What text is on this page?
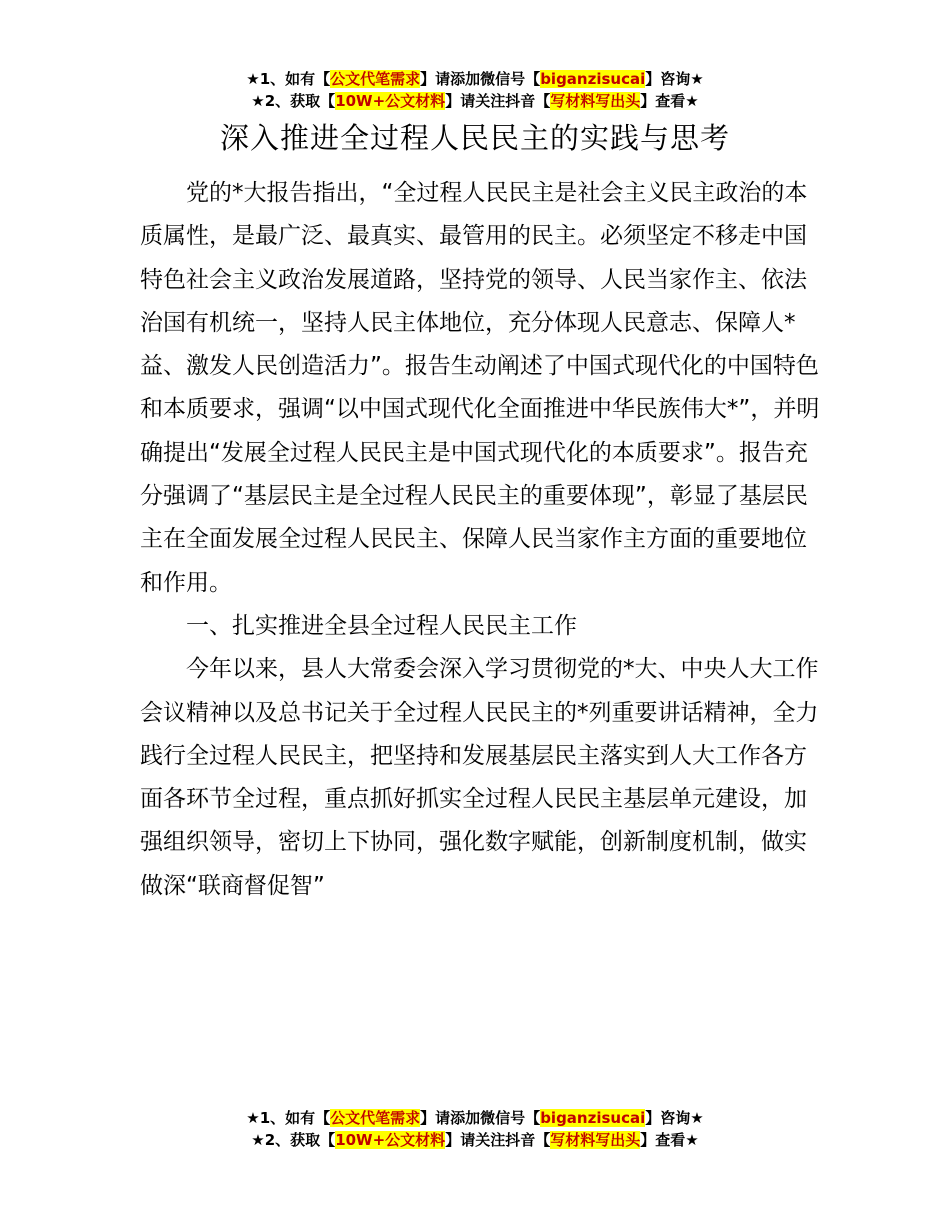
★1、如有【公文代笔需求】请添加微信号【biganzisucai】咨询★
★2、获取【10W+公文材料】请关注抖音【写材料写出头】查看★
深入推进全过程人民民主的实践与思考

党的*大报告指出，“全过程人民民主是社会主义民主政治的本质属性，是最广泛、最真实、最管用的民主。必须坚定不移走中国特色社会主义政治发展道路，坚持党的领导、人民当家作主、依法治国有机统一，坚持人民主体地位，充分体现人民意志、保障人*益、激发人民创造活力”。报告生动阐述了中国式现代化的中国特色和本质要求，强调“以中国式现代化全面推进中华民族伟大*”，并明确提出“发展全过程人民民主是中国式现代化的本质要求”。报告充分强调了“基层民主是全过程人民民主的重要体现”，彰显了基层民主在全面发展全过程人民民主、保障人民当家作主方面的重要地位和作用。

一、扎实推进全县全过程人民民主工作

今年以来，县人大常委会深入学习贯彻党的*大、中央人大工作会议精神以及总书记关于全过程人民民主的*列重要讲话精神，全力践行全过程人民民主，把坚持和发展基层民主落实到人大工作各方面各环节全过程，重点抓好抓实全过程人民民主基层单元建设，加强组织领导，密切上下协同，强化数字赋能，创新制度机制，做实做深“联商督促智”

★1、如有【公文代笔需求】请添加微信号【biganzisucai】咨询★
★2、获取【10W+公文材料】请关注抖音【写材料写出头】查看★
